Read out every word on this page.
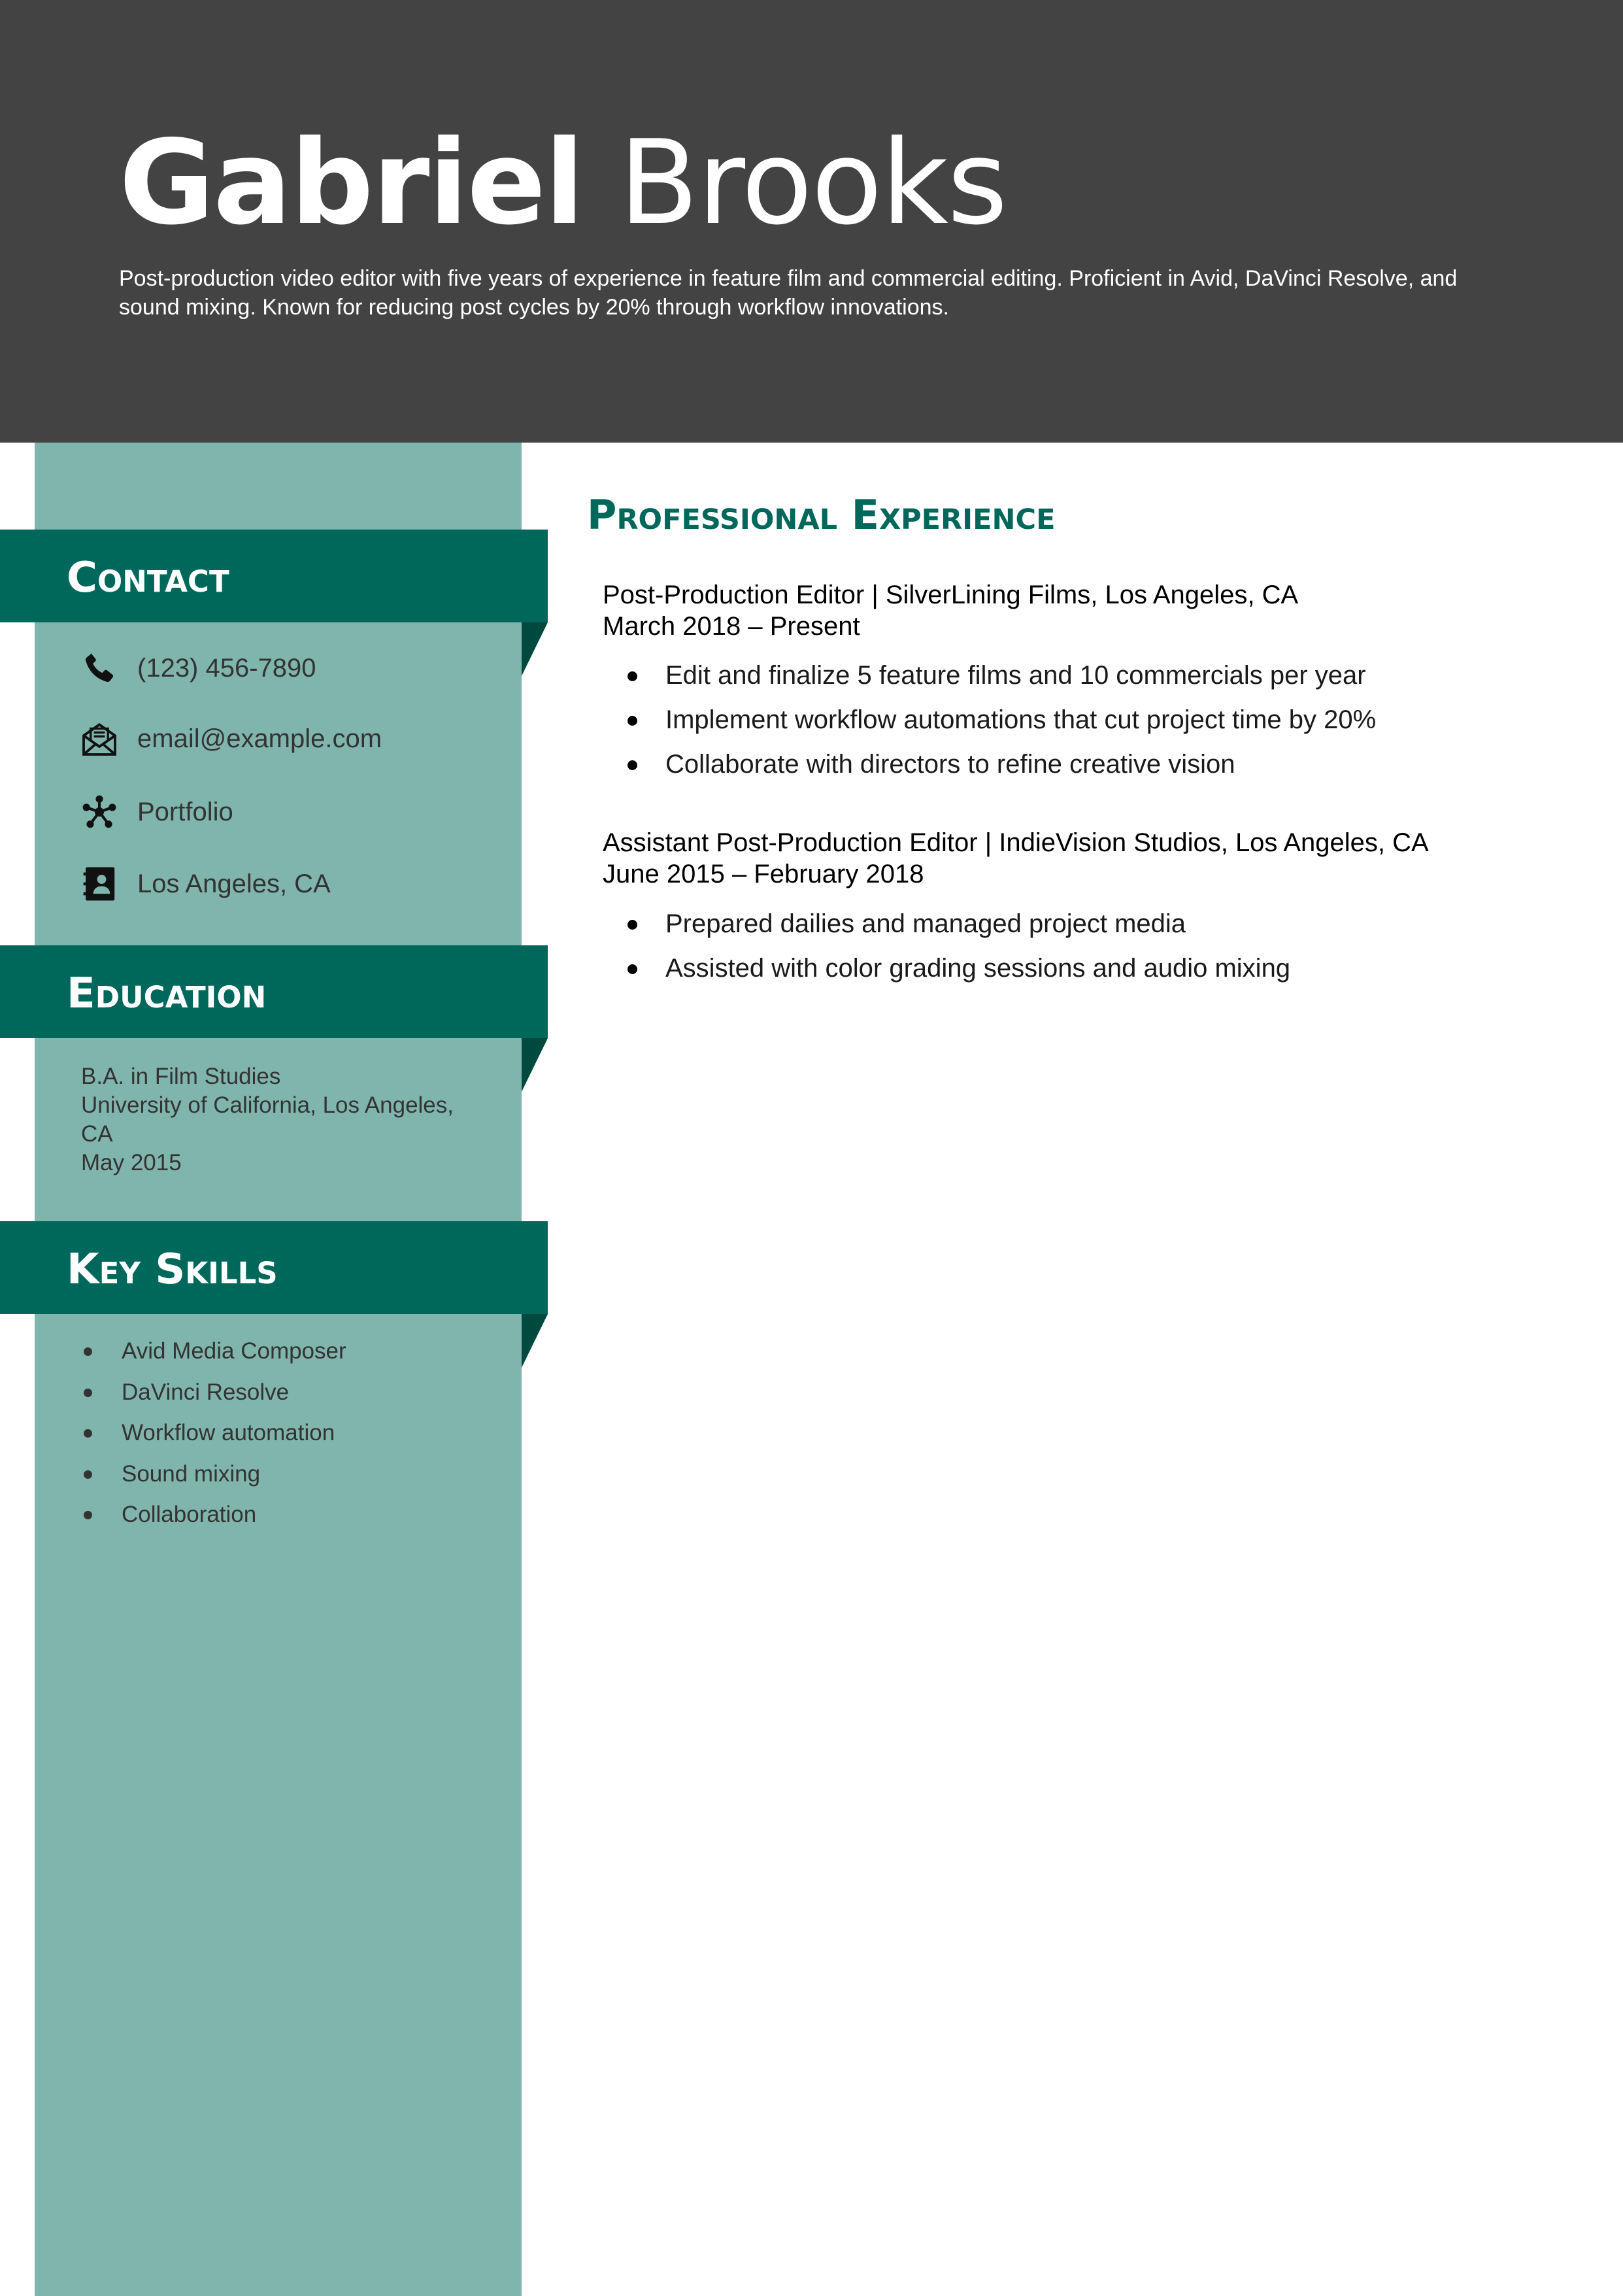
Gabriel Brooks

Post-production video editor with five years of experience in feature film and commercial editing. Proficient in Avid, DaVinci Resolve, and sound mixing. Known for reducing post cycles by 20% through workflow innovations.

Contact
(123) 456-7890
email@example.com
Portfolio
Los Angeles, CA
Education
B.A. in Film Studies
University of California, Los Angeles, CA
May 2015
Key Skills
Avid Media Composer
DaVinci Resolve
Workflow automation
Sound mixing
Collaboration
Professional Experience
Post-Production Editor | SilverLining Films, Los Angeles, CA
March 2018 – Present
Edit and finalize 5 feature films and 10 commercials per year
Implement workflow automations that cut project time by 20%
Collaborate with directors to refine creative vision
Assistant Post-Production Editor | IndieVision Studios, Los Angeles, CA
June 2015 – February 2018
Prepared dailies and managed project media
Assisted with color grading sessions and audio mixing
